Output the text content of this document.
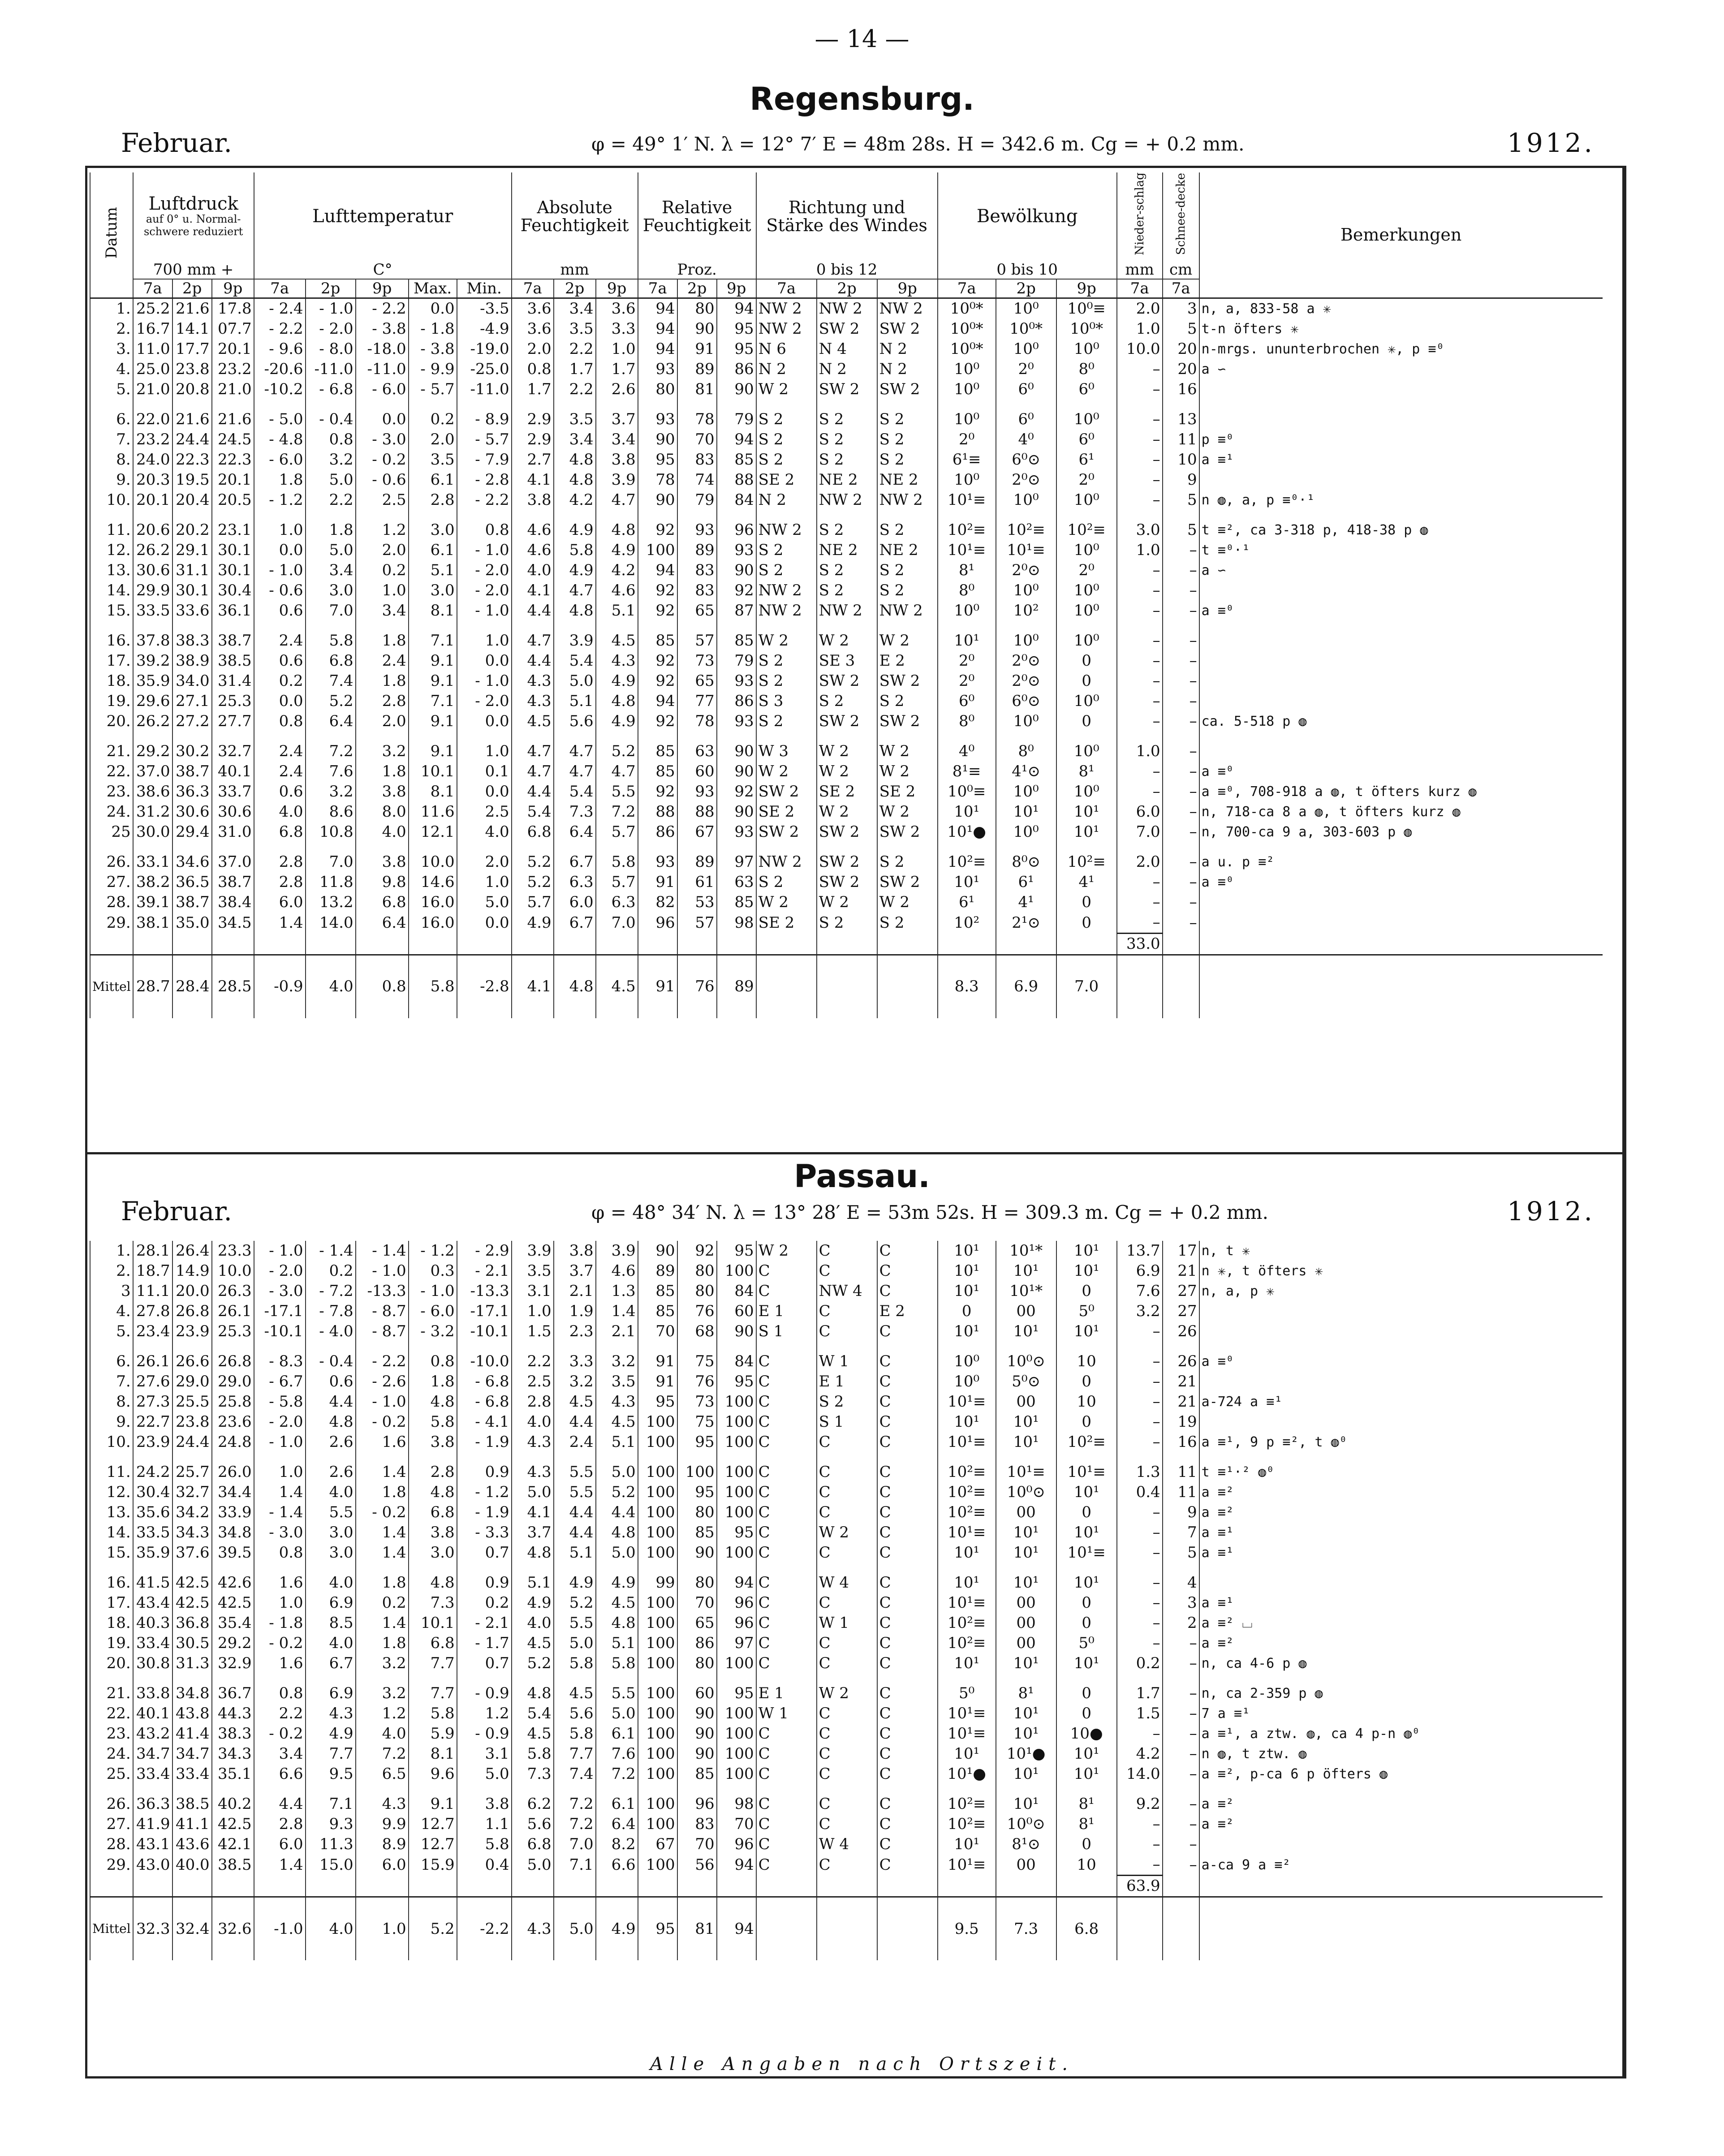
— 14 —
Regensburg.
Februar.	φ = 49° 1′ N. λ = 12° 7′ E = 48m 28s. H = 342.6 m. Cg = + 0.2 mm.	1912.
Datum	Luftdruck
auf 0° u. Normal-schwere reduziert			Lufttemperatur					Absolute Feuchtigkeit			Relative Feuchtigkeit			Richtung und Stärke des Windes			Bewölkung			Nieder-schlag	Schnee-decke	Bemerkungen
	700 mm +			C°					mm			Proz.			0 bis 12			0 bis 10			mm	cm	
	7a	2p	9p	7a	2p	9p	Max.	Min.	7a	2p	9p	7a	2p	9p	7a	2p	9p	7a	2p	9p	7a	7a	
1.	25.2	21.6	17.8	- 2.4	- 1.0	- 2.2	0.0	-3.5	3.6	3.4	3.6	94	80	94	NW 2	NW 2	NW 2	10⁰*	10⁰	10⁰≡	2.0	3	n, a, 833-58 a ✳
2.	16.7	14.1	07.7	- 2.2	- 2.0	- 3.8	- 1.8	-4.9	3.6	3.5	3.3	94	90	95	NW 2	SW 2	SW 2	10⁰*	10⁰*	10⁰*	1.0	5	t-n öfters ✳
3.	11.0	17.7	20.1	- 9.6	- 8.0	-18.0	- 3.8	-19.0	2.0	2.2	1.0	94	91	95	N 6	N 4	N 2	10⁰*	10⁰	10⁰	10.0	20	n-mrgs. ununterbrochen ✳, p ≡⁰
4.	25.0	23.8	23.2	-20.6	-11.0	-11.0	- 9.9	-25.0	0.8	1.7	1.7	93	89	86	N 2	N 2	N 2	10⁰	2⁰	8⁰	–	20	a ∽
5.	21.0	20.8	21.0	-10.2	- 6.8	- 6.0	- 5.7	-11.0	1.7	2.2	2.6	80	81	90	W 2	SW 2	SW 2	10⁰	6⁰	6⁰	–	16	
6.	22.0	21.6	21.6	- 5.0	- 0.4	0.0	0.2	- 8.9	2.9	3.5	3.7	93	78	79	S 2	S 2	S 2	10⁰	6⁰	10⁰	–	13	
7.	23.2	24.4	24.5	- 4.8	0.8	- 3.0	2.0	- 5.7	2.9	3.4	3.4	90	70	94	S 2	S 2	S 2	2⁰	4⁰	6⁰	–	11	p ≡⁰
8.	24.0	22.3	22.3	- 6.0	3.2	- 0.2	3.5	- 7.9	2.7	4.8	3.8	95	83	85	S 2	S 2	S 2	6¹≡	6⁰⊙	6¹	–	10	a ≡¹
9.	20.3	19.5	20.1	1.8	5.0	- 0.6	6.1	- 2.8	4.1	4.8	3.9	78	74	88	SE 2	NE 2	NE 2	10⁰	2⁰⊙	2⁰	–	9	
10.	20.1	20.4	20.5	- 1.2	2.2	2.5	2.8	- 2.2	3.8	4.2	4.7	90	79	84	N 2	NW 2	NW 2	10¹≡	10⁰	10⁰	–	5	n ◍, a, p ≡⁰·¹
11.	20.6	20.2	23.1	1.0	1.8	1.2	3.0	0.8	4.6	4.9	4.8	92	93	96	NW 2	S 2	S 2	10²≡	10²≡	10²≡	3.0	5	t ≡², ca 3-318 p, 418-38 p ◍
12.	26.2	29.1	30.1	0.0	5.0	2.0	6.1	- 1.0	4.6	5.8	4.9	100	89	93	S 2	NE 2	NE 2	10¹≡	10¹≡	10⁰	1.0	–	t ≡⁰·¹
13.	30.6	31.1	30.1	- 1.0	3.4	0.2	5.1	- 2.0	4.0	4.9	4.2	94	83	90	S 2	S 2	S 2	8¹	2⁰⊙	2⁰	–	–	a ∽
14.	29.9	30.1	30.4	- 0.6	3.0	1.0	3.0	- 2.0	4.1	4.7	4.6	92	83	92	NW 2	S 2	S 2	8⁰	10⁰	10⁰	–	–	
15.	33.5	33.6	36.1	0.6	7.0	3.4	8.1	- 1.0	4.4	4.8	5.1	92	65	87	NW 2	NW 2	NW 2	10⁰	10²	10⁰	–	–	a ≡⁰
16.	37.8	38.3	38.7	2.4	5.8	1.8	7.1	1.0	4.7	3.9	4.5	85	57	85	W 2	W 2	W 2	10¹	10⁰	10⁰	–	–	
17.	39.2	38.9	38.5	0.6	6.8	2.4	9.1	0.0	4.4	5.4	4.3	92	73	79	S 2	SE 3	E 2	2⁰	2⁰⊙	0	–	–	
18.	35.9	34.0	31.4	0.2	7.4	1.8	9.1	- 1.0	4.3	5.0	4.9	92	65	93	S 2	SW 2	SW 2	2⁰	2⁰⊙	0	–	–	
19.	29.6	27.1	25.3	0.0	5.2	2.8	7.1	- 2.0	4.3	5.1	4.8	94	77	86	S 3	S 2	S 2	6⁰	6⁰⊙	10⁰	–	–	
20.	26.2	27.2	27.7	0.8	6.4	2.0	9.1	0.0	4.5	5.6	4.9	92	78	93	S 2	SW 2	SW 2	8⁰	10⁰	0	–	–	ca. 5-518 p ◍
21.	29.2	30.2	32.7	2.4	7.2	3.2	9.1	1.0	4.7	4.7	5.2	85	63	90	W 3	W 2	W 2	4⁰	8⁰	10⁰	1.0	–	
22.	37.0	38.7	40.1	2.4	7.6	1.8	10.1	0.1	4.7	4.7	4.7	85	60	90	W 2	W 2	W 2	8¹≡	4¹⊙	8¹	–	–	a ≡⁰
23.	38.6	36.3	33.7	0.6	3.2	3.8	8.1	0.0	4.4	5.4	5.5	92	93	92	SW 2	SE 2	SE 2	10⁰≡	10⁰	10⁰	–	–	a ≡⁰, 708-918 a ◍, t öfters kurz ◍
24.	31.2	30.6	30.6	4.0	8.6	8.0	11.6	2.5	5.4	7.3	7.2	88	88	90	SE 2	W 2	W 2	10¹	10¹	10¹	6.0	–	n, 718-ca 8 a ◍, t öfters kurz ◍
25	30.0	29.4	31.0	6.8	10.8	4.0	12.1	4.0	6.8	6.4	5.7	86	67	93	SW 2	SW 2	SW 2	10¹●	10⁰	10¹	7.0	–	n, 700-ca 9 a, 303-603 p ◍
26.	33.1	34.6	37.0	2.8	7.0	3.8	10.0	2.0	5.2	6.7	5.8	93	89	97	NW 2	SW 2	S 2	10²≡	8⁰⊙	10²≡	2.0	–	a u. p ≡²
27.	38.2	36.5	38.7	2.8	11.8	9.8	14.6	1.0	5.2	6.3	5.7	91	61	63	S 2	SW 2	SW 2	10¹	6¹	4¹	–	–	a ≡⁰
28.	39.1	38.7	38.4	6.0	13.2	6.8	16.0	5.0	5.7	6.0	6.3	82	53	85	W 2	W 2	W 2	6¹	4¹	0	–	–	
29.	38.1	35.0	34.5	1.4	14.0	6.4	16.0	0.0	4.9	6.7	7.0	96	57	98	SE 2	S 2	S 2	10²	2¹⊙	0	–	–	
																					33.0		
Mittel	28.7	28.4	28.5	-0.9	4.0	0.8	5.8	-2.8	4.1	4.8	4.5	91	76	89				8.3	6.9	7.0			
Passau.
Februar.	φ = 48° 34′ N. λ = 13° 28′ E = 53m 52s. H = 309.3 m. Cg = + 0.2 mm.	1912.
1.	28.1	26.4	23.3	- 1.0	- 1.4	- 1.4	- 1.2	- 2.9	3.9	3.8	3.9	90	92	95	W 2	C	C	10¹	10¹*	10¹	13.7	17	n, t ✳
2.	18.7	14.9	10.0	- 2.0	0.2	- 1.0	0.3	- 2.1	3.5	3.7	4.6	89	80	100	C	C	C	10¹	10¹	10¹	6.9	21	n ✳, t öfters ✳
3	11.1	20.0	26.3	- 3.0	- 7.2	-13.3	- 1.0	-13.3	3.1	2.1	1.3	85	80	84	C	NW 4	C	10¹	10¹*	0	7.6	27	n, a, p ✳
4.	27.8	26.8	26.1	-17.1	- 7.8	- 8.7	- 6.0	-17.1	1.0	1.9	1.4	85	76	60	E 1	C	E 2	0	00	5⁰	3.2	27	
5.	23.4	23.9	25.3	-10.1	- 4.0	- 8.7	- 3.2	-10.1	1.5	2.3	2.1	70	68	90	S 1	C	C	10¹	10¹	10¹	–	26	
6.	26.1	26.6	26.8	- 8.3	- 0.4	- 2.2	0.8	-10.0	2.2	3.3	3.2	91	75	84	C	W 1	C	10⁰	10⁰⊙	10	–	26	a ≡⁰
7.	27.6	29.0	29.0	- 6.7	0.6	- 2.6	1.8	- 6.8	2.5	3.2	3.5	91	76	95	C	E 1	C	10⁰	5⁰⊙	0	–	21	
8.	27.3	25.5	25.8	- 5.8	4.4	- 1.0	4.8	- 6.8	2.8	4.5	4.3	95	73	100	C	S 2	C	10¹≡	00	10	–	21	a-724 a ≡¹
9.	22.7	23.8	23.6	- 2.0	4.8	- 0.2	5.8	- 4.1	4.0	4.4	4.5	100	75	100	C	S 1	C	10¹	10¹	0	–	19	
10.	23.9	24.4	24.8	- 1.0	2.6	1.6	3.8	- 1.9	4.3	2.4	5.1	100	95	100	C	C	C	10¹≡	10¹	10²≡	–	16	a ≡¹, 9 p ≡², t ◍⁰
11.	24.2	25.7	26.0	1.0	2.6	1.4	2.8	0.9	4.3	5.5	5.0	100	100	100	C	C	C	10²≡	10¹≡	10¹≡	1.3	11	t ≡¹·² ◍⁰
12.	30.4	32.7	34.4	1.4	4.0	1.8	4.8	- 1.2	5.0	5.5	5.2	100	95	100	C	C	C	10²≡	10⁰⊙	10¹	0.4	11	a ≡²
13.	35.6	34.2	33.9	- 1.4	5.5	- 0.2	6.8	- 1.9	4.1	4.4	4.4	100	80	100	C	C	C	10²≡	00	0	–	9	a ≡²
14.	33.5	34.3	34.8	- 3.0	3.0	1.4	3.8	- 3.3	3.7	4.4	4.8	100	85	95	C	W 2	C	10¹≡	10¹	10¹	–	7	a ≡¹
15.	35.9	37.6	39.5	0.8	3.0	1.4	3.0	0.7	4.8	5.1	5.0	100	90	100	C	C	C	10¹	10¹	10¹≡	–	5	a ≡¹
16.	41.5	42.5	42.6	1.6	4.0	1.8	4.8	0.9	5.1	4.9	4.9	99	80	94	C	W 4	C	10¹	10¹	10¹	–	4	
17.	43.4	42.5	42.5	1.0	6.9	0.2	7.3	0.2	4.9	5.2	4.5	100	70	96	C	C	C	10¹≡	00	0	–	3	a ≡¹
18.	40.3	36.8	35.4	- 1.8	8.5	1.4	10.1	- 2.1	4.0	5.5	4.8	100	65	96	C	W 1	C	10²≡	00	0	–	2	a ≡² ⌴
19.	33.4	30.5	29.2	- 0.2	4.0	1.8	6.8	- 1.7	4.5	5.0	5.1	100	86	97	C	C	C	10²≡	00	5⁰	–	–	a ≡²
20.	30.8	31.3	32.9	1.6	6.7	3.2	7.7	0.7	5.2	5.8	5.8	100	80	100	C	C	C	10¹	10¹	10¹	0.2	–	n, ca 4-6 p ◍
21.	33.8	34.8	36.7	0.8	6.9	3.2	7.7	- 0.9	4.8	4.5	5.5	100	60	95	E 1	W 2	C	5⁰	8¹	0	1.7	–	n, ca 2-359 p ◍
22.	40.1	43.8	44.3	2.2	4.3	1.2	5.8	1.2	5.4	5.6	5.0	100	90	100	W 1	C	C	10¹≡	10¹	0	1.5	–	7 a ≡¹
23.	43.2	41.4	38.3	- 0.2	4.9	4.0	5.9	- 0.9	4.5	5.8	6.1	100	90	100	C	C	C	10¹≡	10¹	10●	–	–	a ≡¹, a ztw. ◍, ca 4 p-n ◍⁰
24.	34.7	34.7	34.3	3.4	7.7	7.2	8.1	3.1	5.8	7.7	7.6	100	90	100	C	C	C	10¹	10¹●	10¹	4.2	–	n ◍, t ztw. ◍
25.	33.4	33.4	35.1	6.6	9.5	6.5	9.6	5.0	7.3	7.4	7.2	100	85	100	C	C	C	10¹●	10¹	10¹	14.0	–	a ≡², p-ca 6 p öfters ◍
26.	36.3	38.5	40.2	4.4	7.1	4.3	9.1	3.8	6.2	7.2	6.1	100	96	98	C	C	C	10²≡	10¹	8¹	9.2	–	a ≡²
27.	41.9	41.1	42.5	2.8	9.3	9.9	12.7	1.1	5.6	7.2	6.4	100	83	70	C	C	C	10²≡	10⁰⊙	8¹	–	–	a ≡²
28.	43.1	43.6	42.1	6.0	11.3	8.9	12.7	5.8	6.8	7.0	8.2	67	70	96	C	W 4	C	10¹	8¹⊙	0	–	–	
29.	43.0	40.0	38.5	1.4	15.0	6.0	15.9	0.4	5.0	7.1	6.6	100	56	94	C	C	C	10¹≡	00	10	–	–	a-ca 9 a ≡²
																					63.9		
Mittel	32.3	32.4	32.6	-1.0	4.0	1.0	5.2	-2.2	4.3	5.0	4.9	95	81	94				9.5	7.3	6.8			
Alle Angaben nach Ortszeit.
